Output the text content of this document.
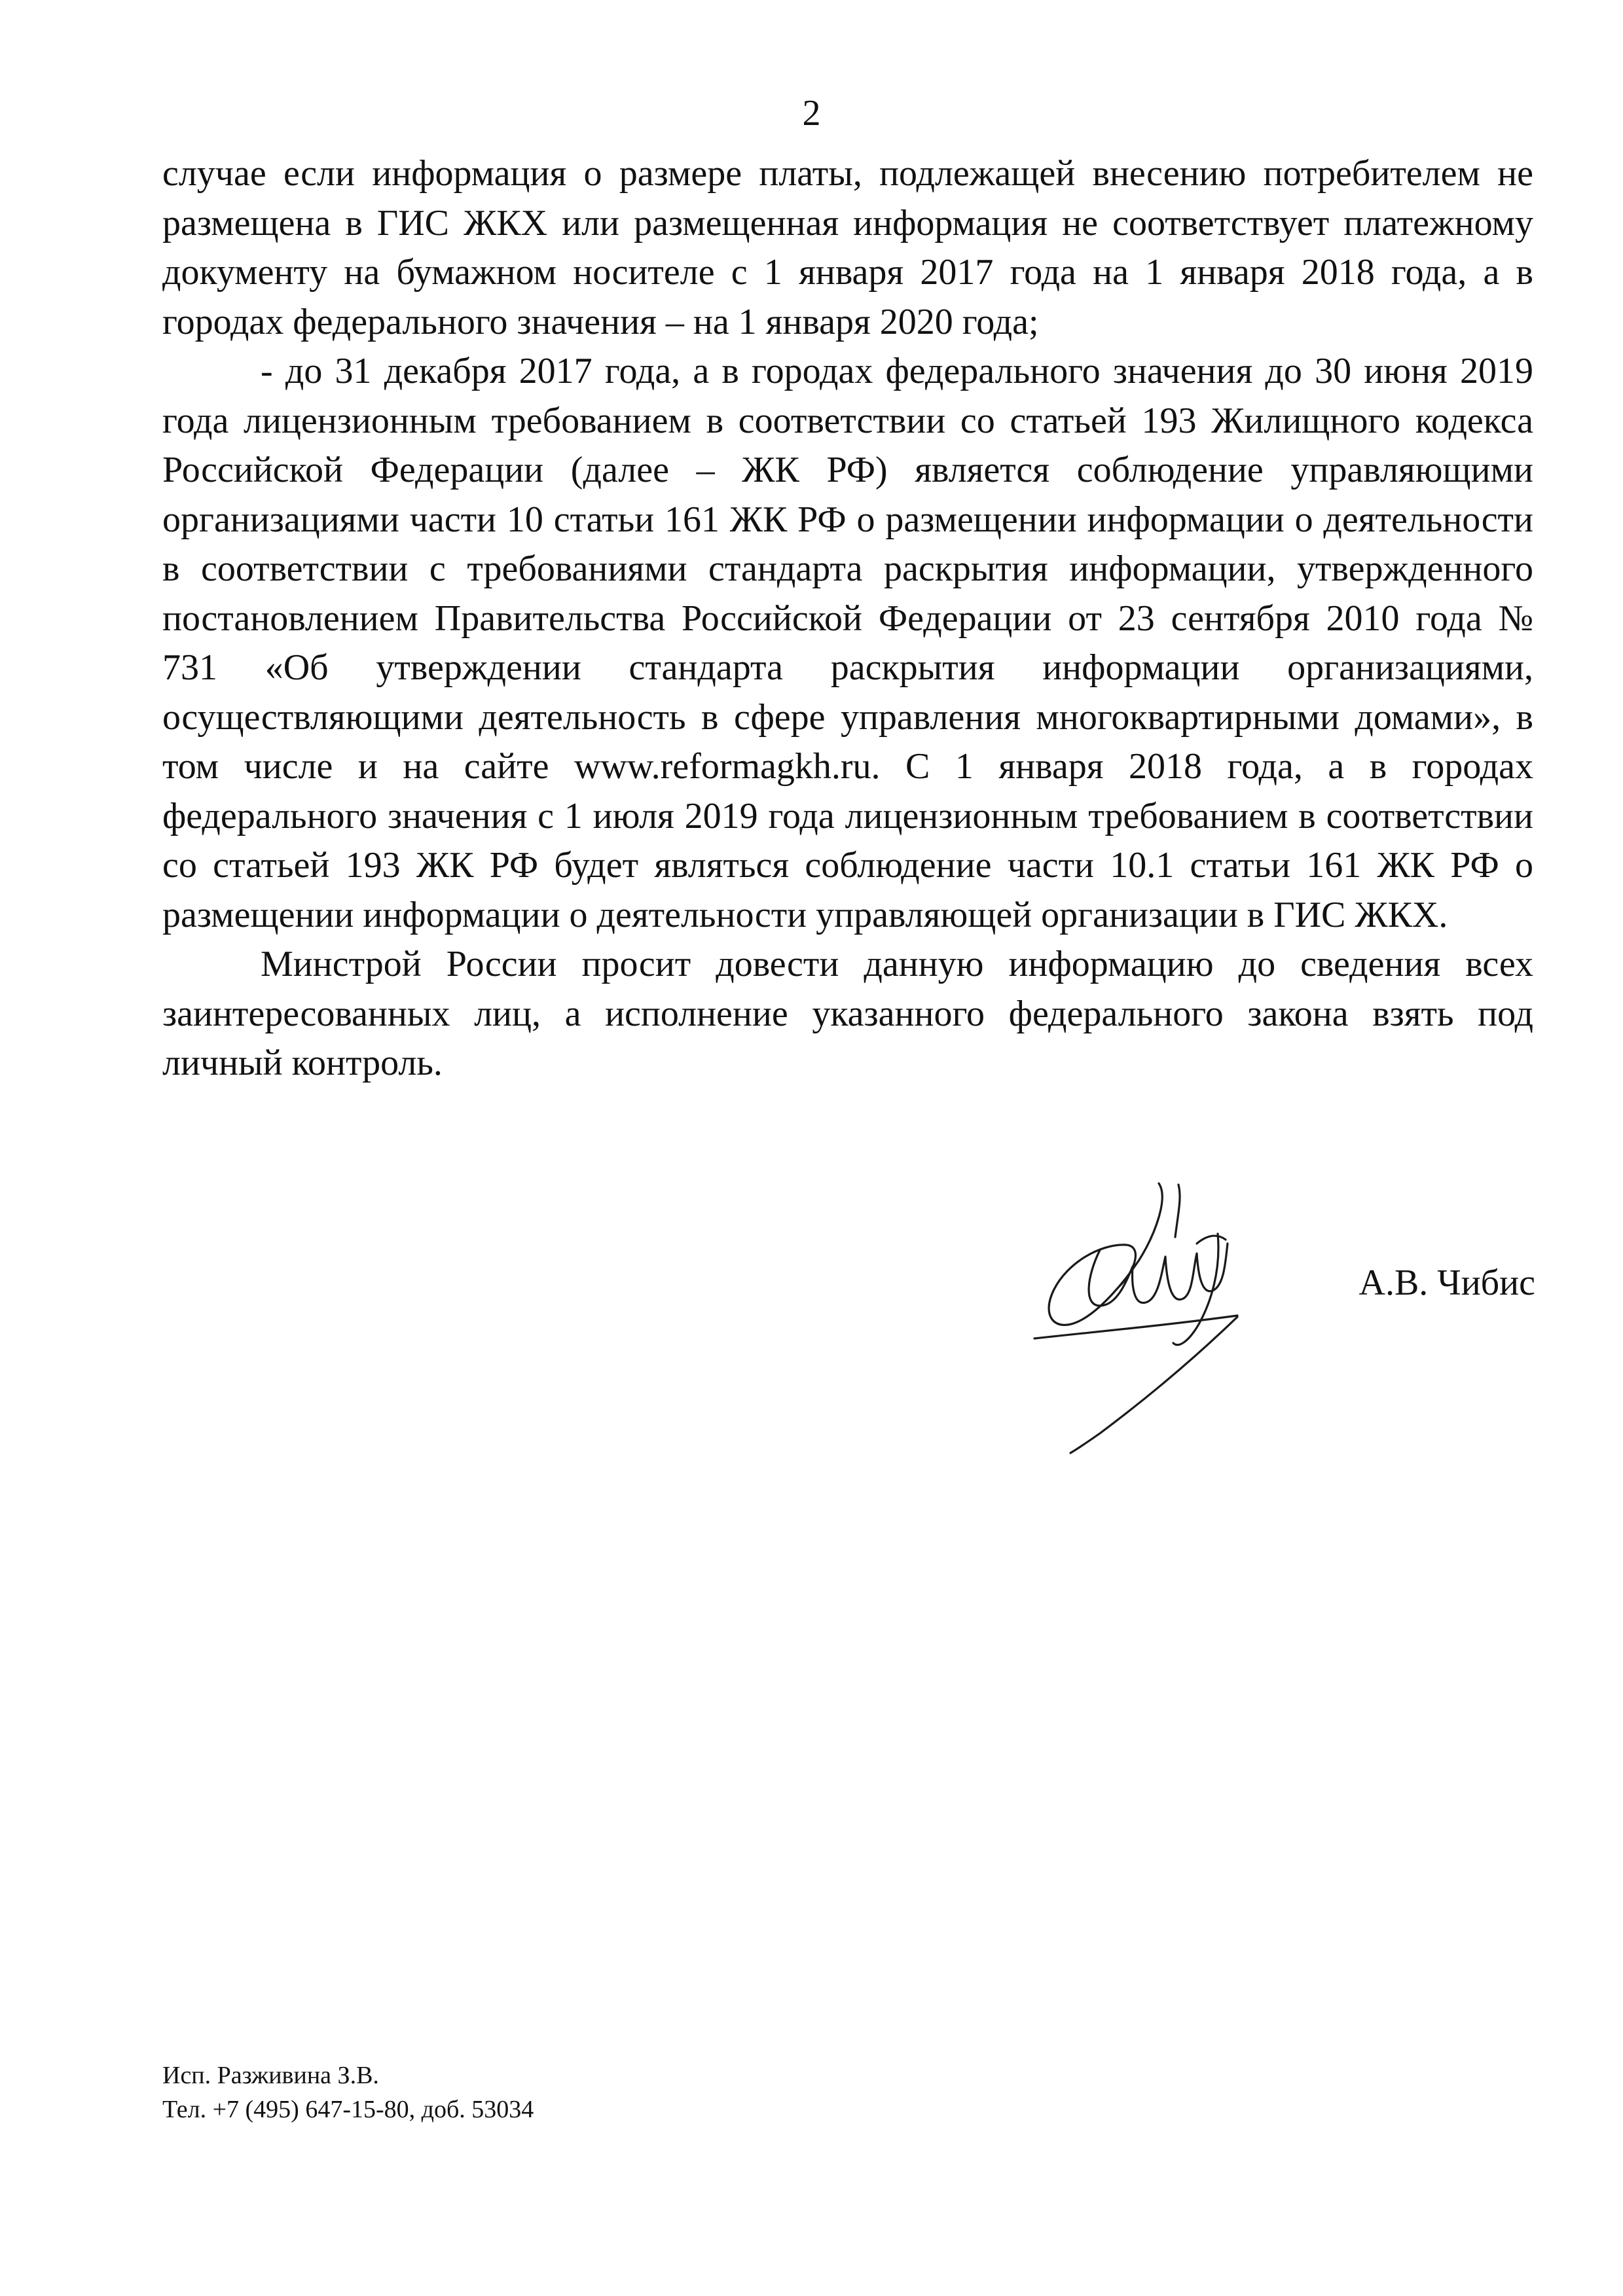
2

случае если информация о размере платы, подлежащей внесению потребителем не размещена в ГИС ЖКХ или размещенная информация не соответствует платежному документу на бумажном носителе с 1 января 2017 года на 1 января 2018 года, а в городах федерального значения – на 1 января 2020 года;

- до 31 декабря 2017 года, а в городах федерального значения до 30 июня 2019 года лицензионным требованием в соответствии со статьей 193 Жилищного кодекса Российской Федерации (далее – ЖК РФ) является соблюдение управляющими организациями части 10 статьи 161 ЖК РФ о размещении информации о деятельности в соответствии с требованиями стандарта раскрытия информации, утвержденного постановлением Правительства Российской Федерации от 23 сентября 2010 года № 731 «Об утверждении стандарта раскрытия информации организациями, осуществляющими деятельность в сфере управления многоквартирными домами», в том числе и на сайте www.reformagkh.ru. С 1 января 2018 года, а в городах федерального значения с 1 июля 2019 года лицензионным требованием в соответствии со статьей 193 ЖК РФ будет являться соблюдение части 10.1 статьи 161 ЖК РФ о размещении информации о деятельности управляющей организации в ГИС ЖКХ.

Минстрой России просит довести данную информацию до сведения всех заинтересованных лиц, а исполнение указанного федерального закона взять под личный контроль.

А.В. Чибис
Исп. Разживина З.В.
Тел. +7 (495) 647-15-80, доб. 53034
